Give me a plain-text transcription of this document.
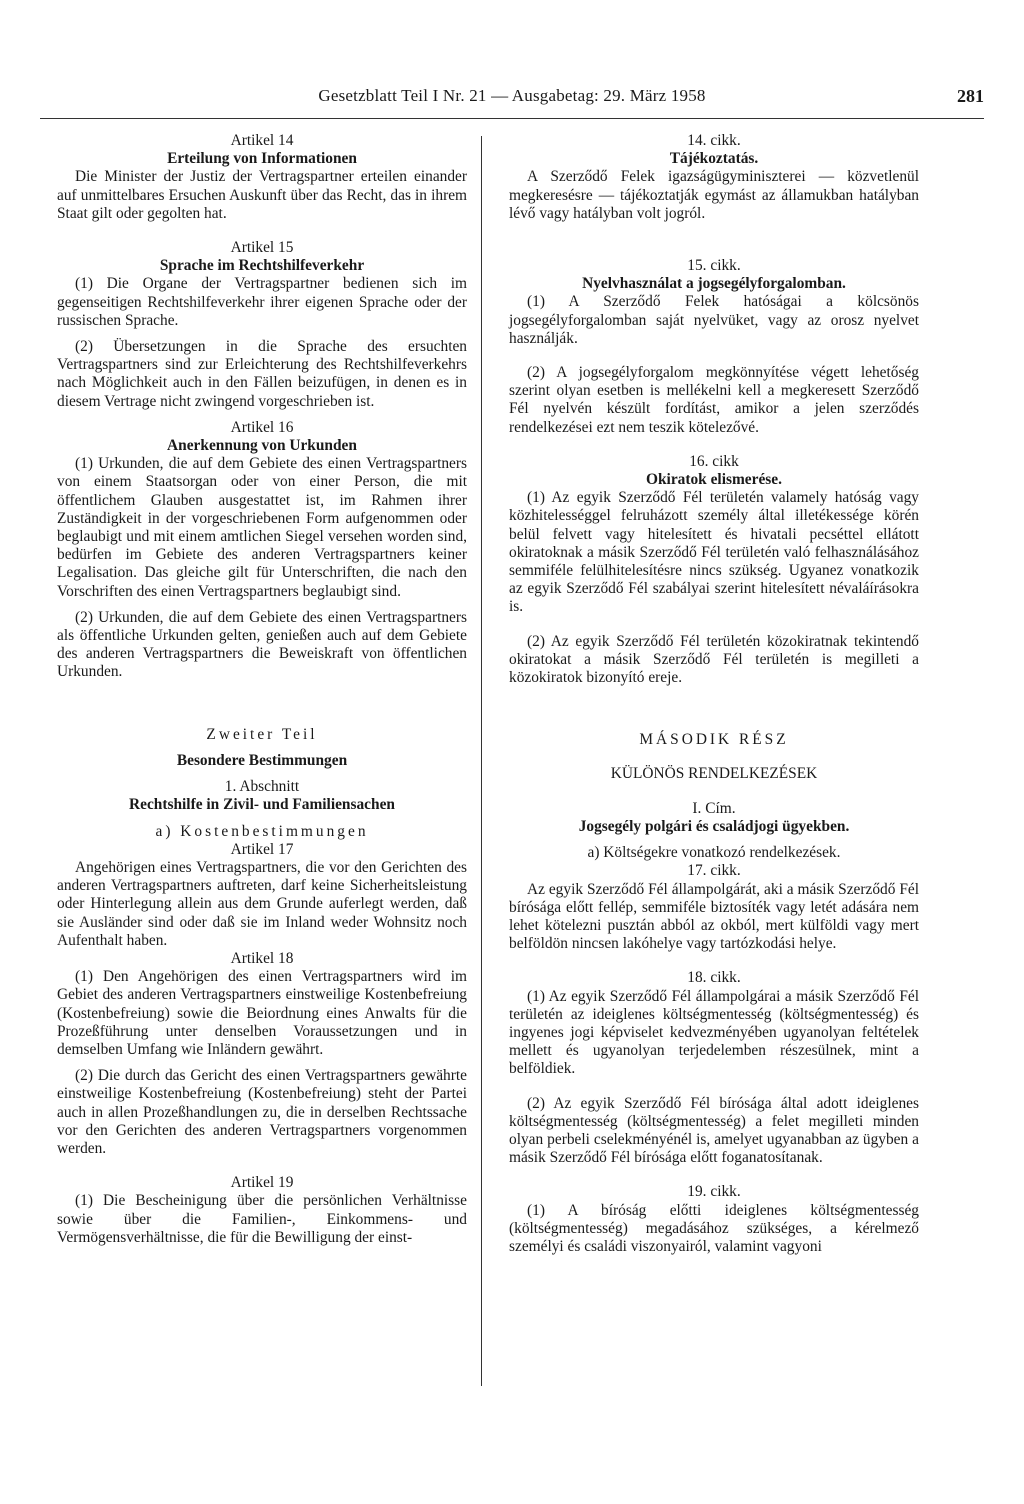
Gesetzblatt Teil I Nr. 21 — Ausgabetag: 29. März 1958	281

Artikel 14

Erteilung von Informationen

Die Minister der Justiz der Vertragspartner erteilen einander auf unmittelbares Ersuchen Auskunft über das Recht, das in ihrem Staat gilt oder gegolten hat.

Artikel 15

Sprache im Rechtshilfeverkehr

(1) Die Organe der Vertragspartner bedienen sich im gegenseitigen Rechtshilfeverkehr ihrer eigenen Sprache oder der russischen Sprache.

(2) Übersetzungen in die Sprache des ersuchten Vertragspartners sind zur Erleichterung des Rechtshilfeverkehrs nach Möglichkeit auch in den Fällen beizufügen, in denen es in diesem Vertrage nicht zwingend vorgeschrieben ist.

Artikel 16

Anerkennung von Urkunden

(1) Urkunden, die auf dem Gebiete des einen Vertragspartners von einem Staatsorgan oder von einer Person, die mit öffentlichem Glauben ausgestattet ist, im Rahmen ihrer Zuständigkeit in der vorgeschriebenen Form aufgenommen oder beglaubigt und mit einem amtlichen Siegel versehen worden sind, bedürfen im Gebiete des anderen Vertragspartners keiner Legalisation. Das gleiche gilt für Unterschriften, die nach den Vorschriften des einen Vertragspartners beglaubigt sind.

(2) Urkunden, die auf dem Gebiete des einen Vertragspartners als öffentliche Urkunden gelten, genießen auch auf dem Gebiete des anderen Vertragspartners die Beweiskraft von öffentlichen Urkunden.

Zweiter Teil

Besondere Bestimmungen

1. Abschnitt

Rechtshilfe in Zivil- und Familiensachen

a) Kostenbestimmungen

Artikel 17

Angehörigen eines Vertragspartners, die vor den Gerichten des anderen Vertragspartners auftreten, darf keine Sicherheitsleistung oder Hinterlegung allein aus dem Grunde auferlegt werden, daß sie Ausländer sind oder daß sie im Inland weder Wohnsitz noch Aufenthalt haben.

Artikel 18

(1) Den Angehörigen des einen Vertragspartners wird im Gebiet des anderen Vertragspartners einstweilige Kostenbefreiung (Kostenbefreiung) sowie die Beiordnung eines Anwalts für die Prozeßführung unter denselben Voraussetzungen und in demselben Umfang wie Inländern gewährt.

(2) Die durch das Gericht des einen Vertragspartners gewährte einstweilige Kostenbefreiung (Kostenbefreiung) steht der Partei auch in allen Prozeßhandlungen zu, die in derselben Rechtssache vor den Gerichten des anderen Vertragspartners vorgenommen werden.

Artikel 19

(1) Die Bescheinigung über die persönlichen Verhältnisse sowie über die Familien-, Einkommens- und Vermögensverhältnisse, die für die Bewilligung der einst-

14. cikk.

Tájékoztatás.

A Szerződő Felek igazságügyminiszterei — közvetlenül megkeresésre — tájékoztatják egymást az államukban hatályban lévő vagy hatályban volt jogról.

15. cikk.

Nyelvhasználat a jogsegélyforgalomban.

(1) A Szerződő Felek hatóságai a kölcsönös jogsegélyforgalomban saját nyelvüket, vagy az orosz nyelvet használják.

(2) A jogsegélyforgalom megkönnyítése végett lehetőség szerint olyan esetben is mellékelni kell a megkeresett Szerződő Fél nyelvén készült fordítást, amikor a jelen szerződés rendelkezései ezt nem teszik kötelezővé.

16. cikk

Okiratok elismerése.

(1) Az egyik Szerződő Fél területén valamely hatóság vagy közhitelességgel felruházott személy által illetékessége körén belül felvett vagy hitelesített és hivatali pecséttel ellátott okiratoknak a másik Szerződő Fél területén való felhasználásához semmiféle felülhitelesítésre nincs szükség. Ugyanez vonatkozik az egyik Szerződő Fél szabályai szerint hitelesített névaláírásokra is.

(2) Az egyik Szerződő Fél területén közokiratnak tekintendő okiratokat a másik Szerződő Fél területén is megilleti a közokiratok bizonyító ereje.

MÁSODIK RÉSZ

KÜLÖNÖS RENDELKEZÉSEK

I. Cím.

Jogsegély polgári és családjogi ügyekben.

a) Költségekre vonatkozó rendelkezések.

17. cikk.

Az egyik Szerződő Fél állampolgárát, aki a másik Szerződő Fél bírósága előtt fellép, semmiféle biztosíték vagy letét adására nem lehet kötelezni pusztán abból az okból, mert külföldi vagy mert belföldön nincsen lakóhelye vagy tartózkodási helye.

18. cikk.

(1) Az egyik Szerződő Fél állampolgárai a másik Szerződő Fél területén az ideiglenes költségmentesség (költségmentesség) és ingyenes jogi képviselet kedvezményében ugyanolyan feltételek mellett és ugyanolyan terjedelemben részesülnek, mint a belföldiek.

(2) Az egyik Szerződő Fél bírósága által adott ideiglenes költségmentesség (költségmentesség) a felet megilleti minden olyan perbeli cselekményénél is, amelyet ugyanabban az ügyben a másik Szerződő Fél bírósága előtt foganatosítanak.

19. cikk.

(1) A bíróság előtti ideiglenes költségmentesség (költségmentesség) megadásához szükséges, a kérelmező személyi és családi viszonyairól, valamint vagyoni
